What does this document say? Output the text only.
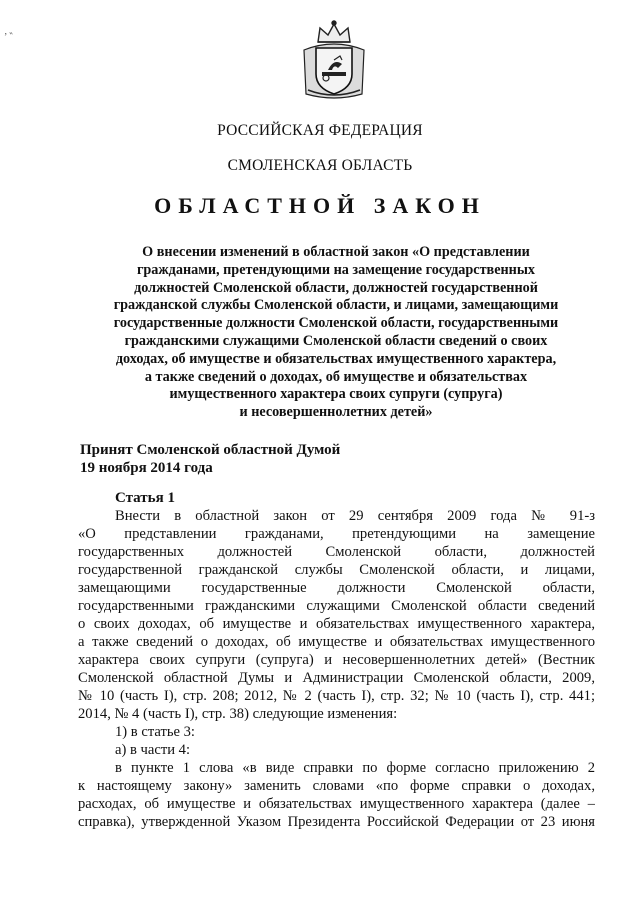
’ ‶
РОССИЙСКАЯ ФЕДЕРАЦИЯ
СМОЛЕНСКАЯ ОБЛАСТЬ
ОБЛАСТНОЙ ЗАКОН
О внесении изменений в областной закон «О представлении
гражданами, претендующими на замещение государственных
должностей Смоленской области, должностей государственной
гражданской службы Смоленской области, и лицами, замещающими
государственные должности Смоленской области, государственными
гражданскими служащими Смоленской области сведений о своих
доходах, об имуществе и обязательствах имущественного характера,
а также сведений о доходах, об имуществе и обязательствах
имущественного характера своих супруги (супруга)
и несовершеннолетних детей»
Принят Смоленской областной Думой
19 ноября 2014 года
Статья 1
Внести в областной закон от 29 сентября 2009 года № 91-з
«О представлении гражданами, претендующими на замещение
государственных должностей Смоленской области, должностей
государственной гражданской службы Смоленской области, и лицами,
замещающими государственные должности Смоленской области,
государственными гражданскими служащими Смоленской области сведений
о своих доходах, об имуществе и обязательствах имущественного характера,
а также сведений о доходах, об имуществе и обязательствах имущественного
характера своих супруги (супруга) и несовершеннолетних детей» (Вестник
Смоленской областной Думы и Администрации Смоленской области, 2009,
№ 10 (часть I), стр. 208; 2012, № 2 (часть I), стр. 32; № 10 (часть I), стр. 441;
2014, № 4 (часть I), стр. 38) следующие изменения:
1) в статье 3:
а) в части 4:
в пункте 1 слова «в виде справки по форме согласно приложению 2
к настоящему закону» заменить словами «по форме справки о доходах,
расходах, об имуществе и обязательствах имущественного характера (далее –
справка), утвержденной Указом Президента Российской Федерации от 23 июня
